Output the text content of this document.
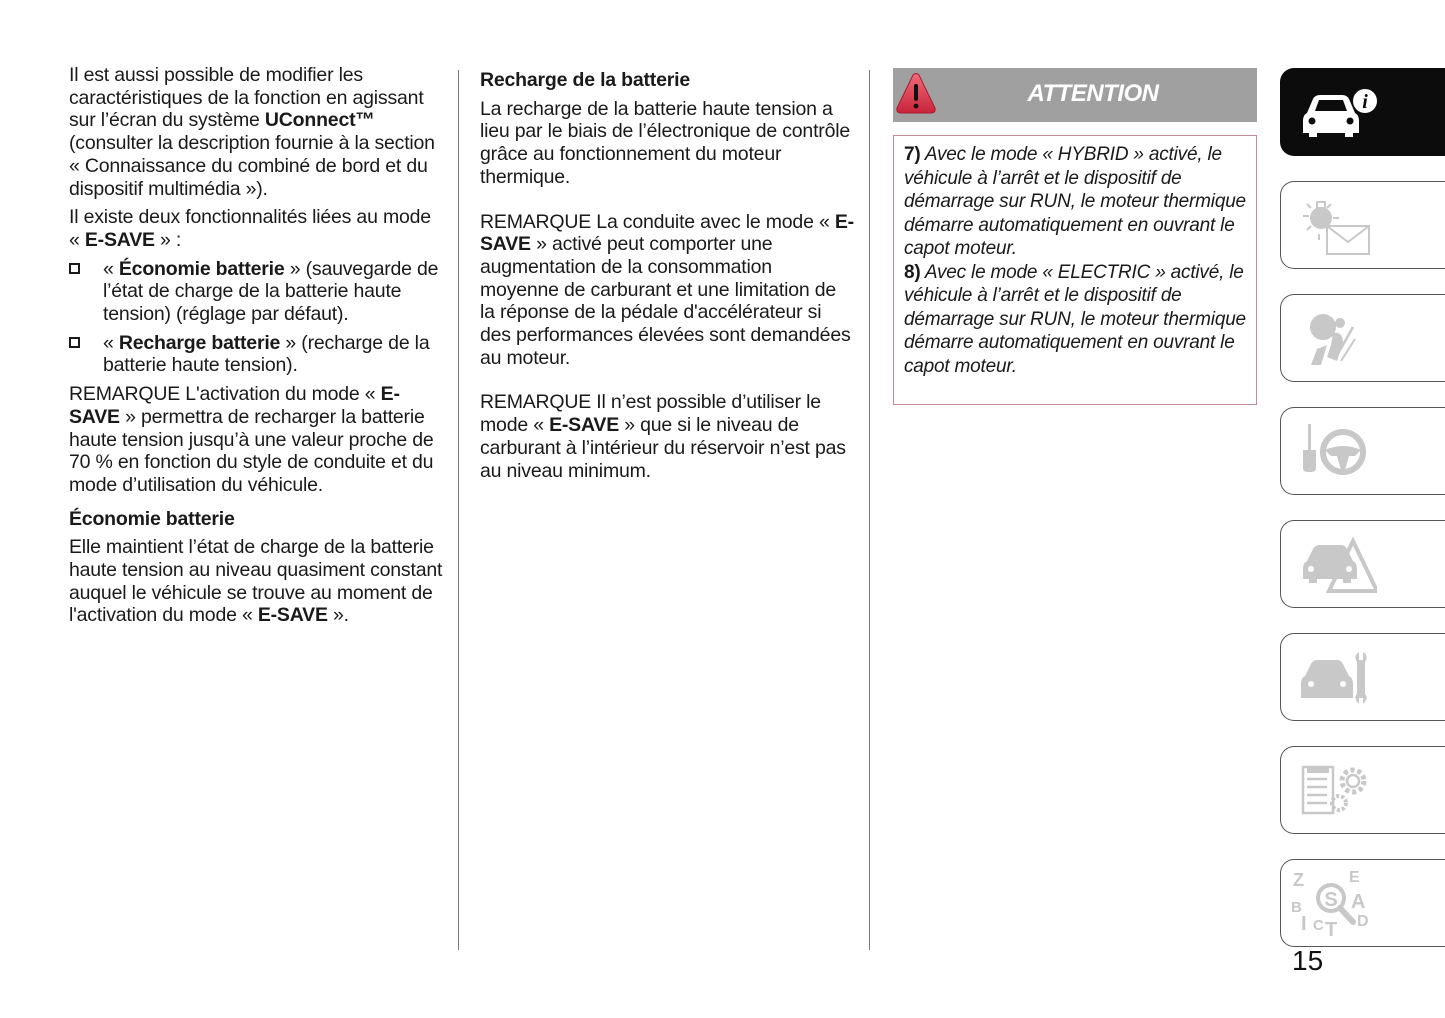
Il est aussi possible de modifier les caractéristiques de la fonction en agissant sur l’écran du système UConnect™ (consulter la description fournie à la section « Connaissance du combiné de bord et du dispositif multimédia »).

Il existe deux fonctionnalités liées au mode « E-SAVE » :

« Économie batterie » (sauvegarde de l’état de charge de la batterie haute tension) (réglage par défaut).

« Recharge batterie » (recharge de la batterie haute tension).

REMARQUE L'activation du mode « E-SAVE » permettra de recharger la batterie haute tension jusqu’à une valeur proche de 70 % en fonction du style de conduite et du mode d’utilisation du véhicule.

Économie batterie

Elle maintient l’état de charge de la batterie haute tension au niveau quasiment constant auquel le véhicule se trouve au moment de l'activation du mode « E-SAVE ».

Recharge de la batterie

La recharge de la batterie haute tension a lieu par le biais de l’électronique de contrôle grâce au fonctionnement du moteur thermique.

REMARQUE La conduite avec le mode « E-SAVE » activé peut comporter une augmentation de la consommation moyenne de carburant et une limitation de la réponse de la pédale d'accélérateur si des performances élevées sont demandées au moteur.

REMARQUE Il n’est possible d’utiliser le mode « E-SAVE » que si le niveau de carburant à l’intérieur du réservoir n’est pas au niveau minimum.

ATTENTION

7) Avec le mode « HYBRID » activé, le véhicule à l’arrêt et le dispositif de démarrage sur RUN, le moteur thermique démarre automatiquement en ouvrant le capot moteur.

8) Avec le mode « ELECTRIC » activé, le véhicule à l’arrêt et le dispositif de démarrage sur RUN, le moteur thermique démarre automatiquement en ouvrant le capot moteur.

i
Z
B
I C T
E
A
D
S
15
